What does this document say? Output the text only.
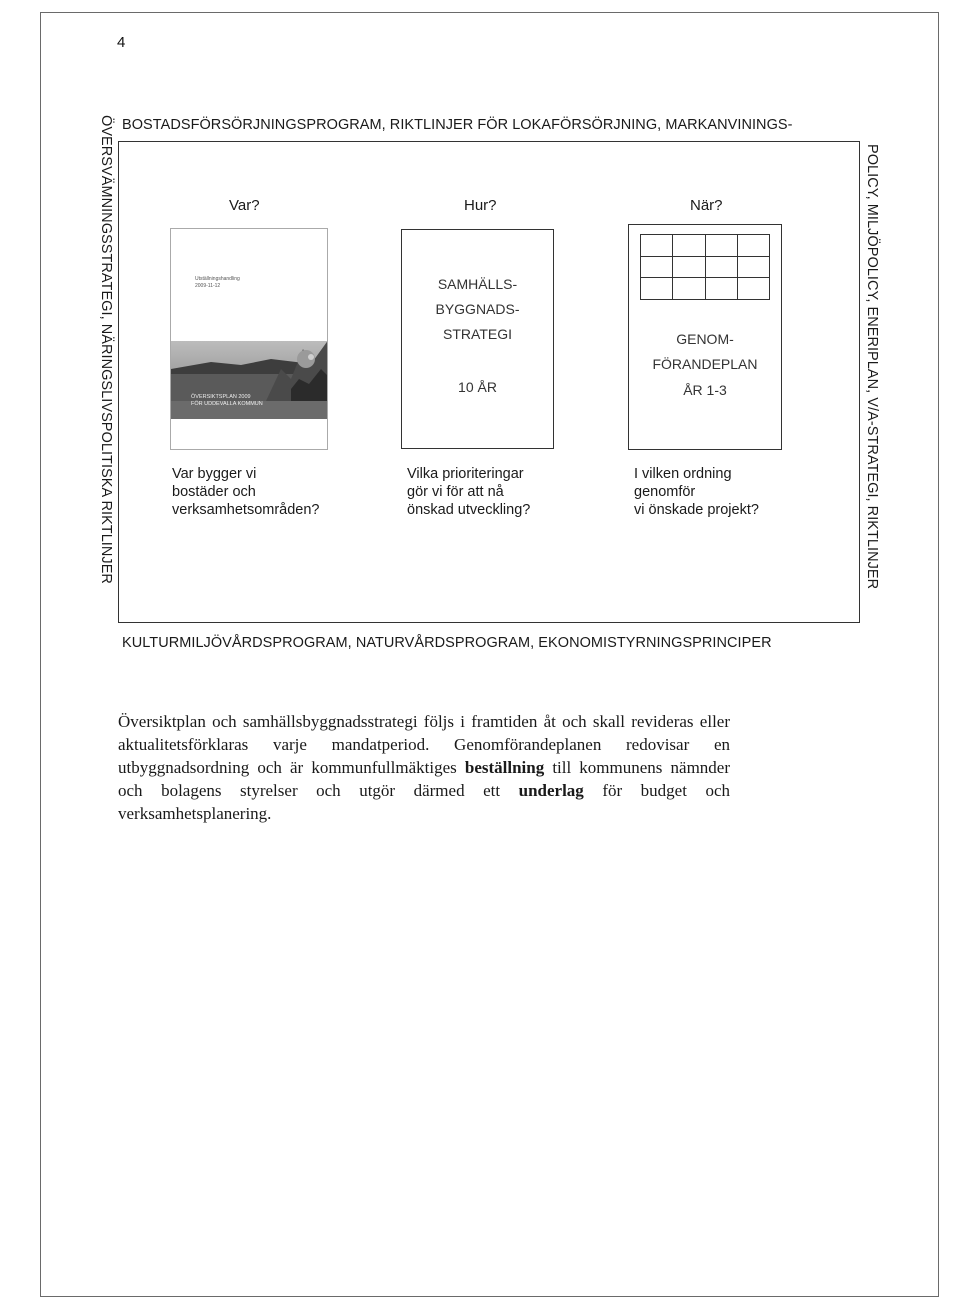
4
BOSTADSFÖRSÖRJNINGSPROGRAM, RIKTLINJER FÖR LOKAFÖRSÖRJNING, MARKANVININGS-
ÖVERSVÄMNINGSSTRATEGI, NÄRINGSLIVSPOLITISKA RIKTLINJER	POLICY, MILJÖPOLICY, ENERIPLAN, V/A-STRATEGI, RIKTLINJER
KULTURMILJÖVÅRDSPROGRAM, NATURVÅRDSPROGRAM, EKONOMISTYRNINGSPRINCIPER
Var?
Utställningshandling
2009-11-12
ÖVERSIKTSPLAN 2009
FÖR UDDEVALLA KOMMUN
Var bygger vi
bostäder och
verksamhetsområden?
Hur?
SAMHÄLLS-
BYGGNADS-
STRATEGI
10 ÅR
Vilka prioriteringar
gör vi för att nå
önskad utveckling?
När?
GENOM-
FÖRANDEPLAN
ÅR 1-3

I vilken ordning
genomför
vi önskade projekt?
Översiktplan och samhällsbyggnadsstrategi följs i framtiden åt och skall revideras eller aktualitetsförklaras varje mandatperiod. Genomförandeplanen redovisar en utbyggnadsordning och är kommunfullmäktiges beställning till kommunens nämnder och bolagens styrelser och utgör därmed ett underlag för budget och verksamhetsplanering.
